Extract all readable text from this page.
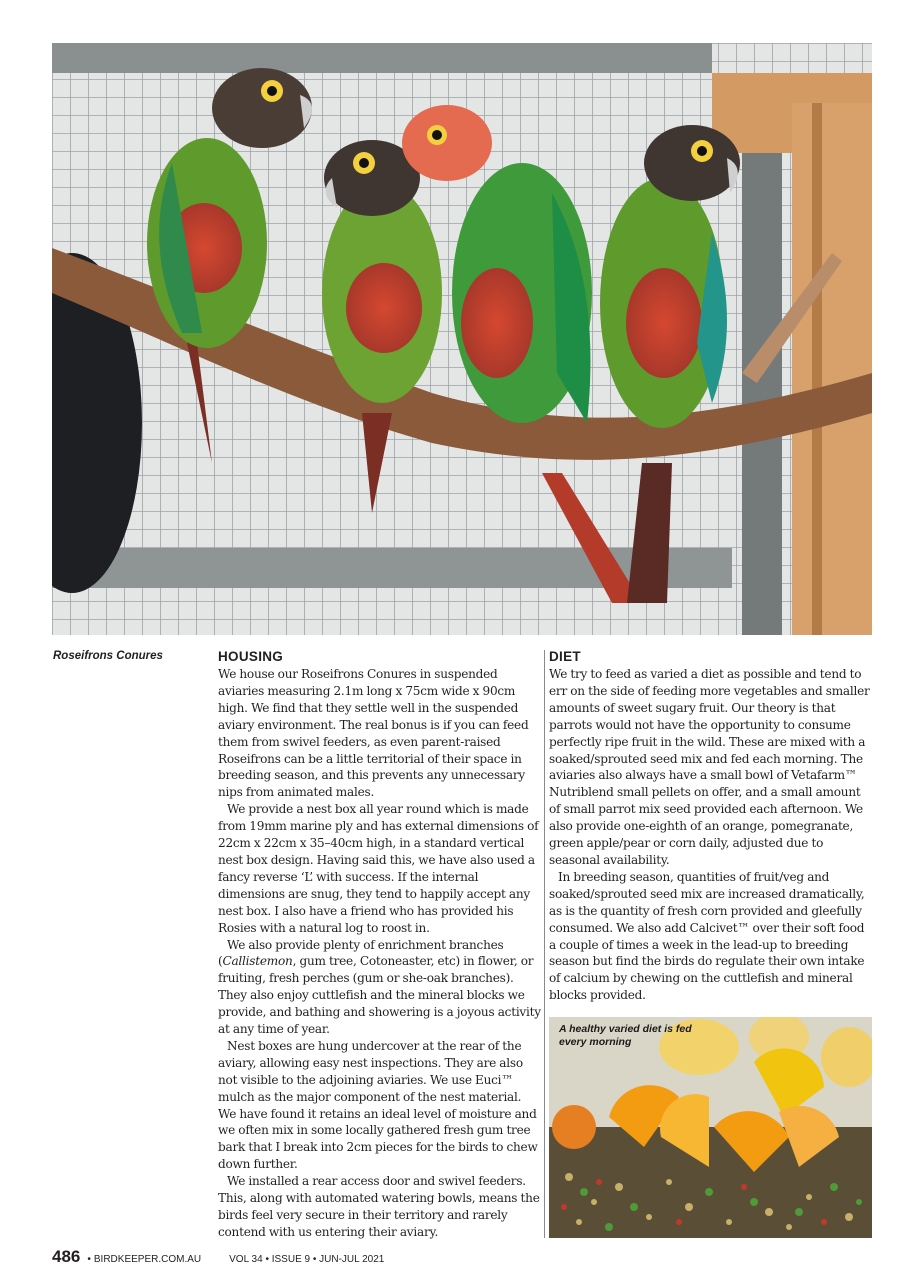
Roseifrons Conures	HOUSING

We house our Roseifrons Conures in suspended aviaries measuring 2.1m long x 75cm wide x 90cm high. We find that they settle well in the suspended aviary environment. The real bonus is if you can feed them from swivel feeders, as even parent-raised Roseifrons can be a little territorial of their space in breeding season, and this prevents any unnecessary nips from animated males.

We provide a nest box all year round which is made from 19mm marine ply and has external dimensions of 22cm x 22cm x 35–40cm high, in a standard vertical nest box design. Having said this, we have also used a fancy reverse ‘L’ with success. If the internal dimensions are snug, they tend to happily accept any nest box. I also have a friend who has provided his Rosies with a natural log to roost in.

We also provide plenty of enrichment branches (Callistemon, gum tree, Cotoneaster, etc) in flower, or fruiting, fresh perches (gum or she-oak branches). They also enjoy cuttlefish and the mineral blocks we provide, and bathing and showering is a joyous activity at any time of year.

Nest boxes are hung undercover at the rear of the aviary, allowing easy nest inspections. They are also not visible to the adjoining aviaries. We use Euci™ mulch as the major component of the nest material. We have found it retains an ideal level of moisture and we often mix in some locally gathered fresh gum tree bark that I break into 2cm pieces for the birds to chew down further.

We installed a rear access door and swivel feeders. This, along with automated watering bowls, means the birds feel very secure in their territory and rarely contend with us entering their aviary.

DIET

We try to feed as varied a diet as possible and tend to err on the side of feeding more vegetables and smaller amounts of sweet sugary fruit. Our theory is that parrots would not have the opportunity to consume perfectly ripe fruit in the wild. These are mixed with a soaked/sprouted seed mix and fed each morning. The aviaries also always have a small bowl of Vetafarm™ Nutriblend small pellets on offer, and a small amount of small parrot mix seed provided each afternoon. We also provide one-eighth of an orange, pomegranate, green apple/pear or corn daily, adjusted due to seasonal availability.

In breeding season, quantities of fruit/veg and soaked/sprouted seed mix are increased dramatically, as is the quantity of fresh corn provided and gleefully consumed. We also add Calcivet™ over their soft food a couple of times a week in the lead-up to breeding season but find the birds do regulate their own intake of calcium by chewing on the cuttlefish and mineral blocks provided.

A healthy varied diet is fed every morning
486 • BIRDKEEPER.COM.AU	VOL 34 • ISSUE 9 • JUN-JUL 2021
